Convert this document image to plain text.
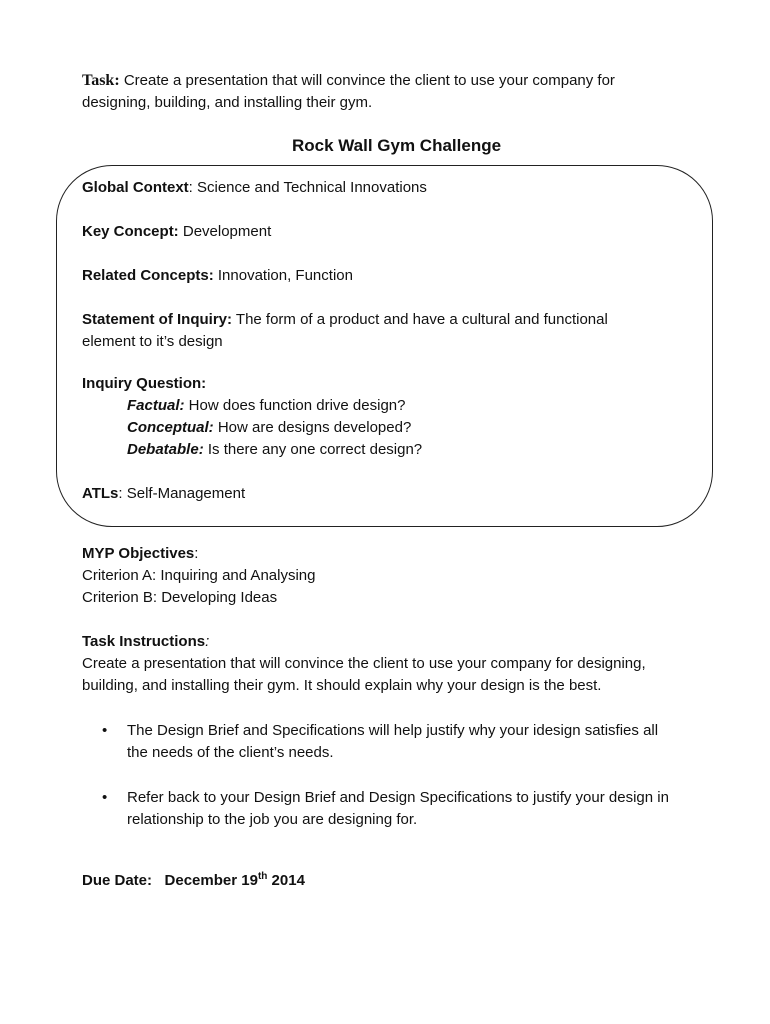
Task: Create a presentation that will convince the client to use your company for
designing, building, and installing their gym.
Rock Wall Gym Challenge
Global Context: Science and Technical Innovations
Key Concept: Development
Related Concepts: Innovation, Function
Statement of Inquiry: The form of a product and have a cultural and functional
element to it’s design
Inquiry Question:
Factual: How does function drive design?
Conceptual: How are designs developed?
Debatable: Is there any one correct design?
ATLs: Self-Management
MYP Objectives:
Criterion A: Inquiring and Analysing
Criterion B: Developing Ideas
Task Instructions:
Create a presentation that will convince the client to use your company for designing,
building, and installing their gym. It should explain why your design is the best.
• The Design Brief and Specifications will help justify why your idesign satisfies all
the needs of the client’s needs.
• Refer back to your Design Brief and Design Specifications to justify your design in
relationship to the job you are designing for.
Due Date: December 19th 2014
